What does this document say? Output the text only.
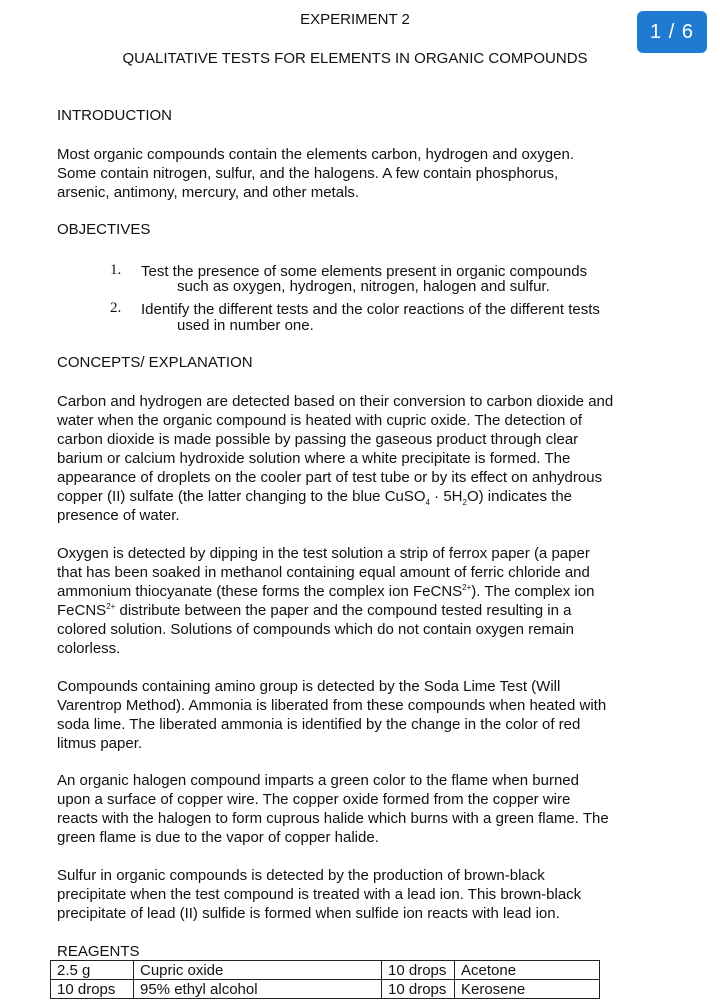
EXPERIMENT 2
1 / 6
QUALITATIVE TESTS FOR ELEMENTS IN ORGANIC COMPOUNDS
INTRODUCTION
Most organic compounds contain the elements carbon, hydrogen and oxygen.
Some contain nitrogen, sulfur, and the halogens. A few contain phosphorus,
arsenic, antimony, mercury, and other metals.
OBJECTIVES
1. Test the presence of some elements present in organic compounds
such as oxygen, hydrogen, nitrogen, halogen and sulfur.
2. Identify the different tests and the color reactions of the different tests
used in number one.
CONCEPTS/ EXPLANATION
Carbon and hydrogen are detected based on their conversion to carbon dioxide and
water when the organic compound is heated with cupric oxide. The detection of
carbon dioxide is made possible by passing the gaseous product through clear
barium or calcium hydroxide solution where a white precipitate is formed. The
appearance of droplets on the cooler part of test tube or by its effect on anhydrous
copper (II) sulfate (the latter changing to the blue CuSO$_4$ · $5H_2O$) indicates the
presence of water.
Oxygen is detected by dipping in the test solution a strip of ferrox paper (a paper
that has been soaked in methanol containing equal amount of ferric chloride and
ammonium thiocyanate (these forms the complex ion FeCNS$^{2+}$). The complex ion
FeCNS$^{2+}$ distribute between the paper and the compound tested resulting in a
colored solution. Solutions of compounds which do not contain oxygen remain
colorless.
Compounds containing amino group is detected by the Soda Lime Test (Will
Varentrop Method). Ammonia is liberated from these compounds when heated with
soda lime. The liberated ammonia is identified by the change in the color of red
litmus paper.
An organic halogen compound imparts a green color to the flame when burned
upon a surface of copper wire. The copper oxide formed from the copper wire
reacts with the halogen to form cuprous halide which burns with a green flame. The
green flame is due to the vapor of copper halide.
Sulfur in organic compounds is detected by the production of brown-black
precipitate when the test compound is treated with a lead ion. This brown-black
precipitate of lead (II) sulfide is formed when sulfide ion reacts with lead ion.
REAGENTS
2.5 g	Cupric oxide	10 drops	Acetone
10 drops	95% ethyl alcohol	10 drops	Kerosene
